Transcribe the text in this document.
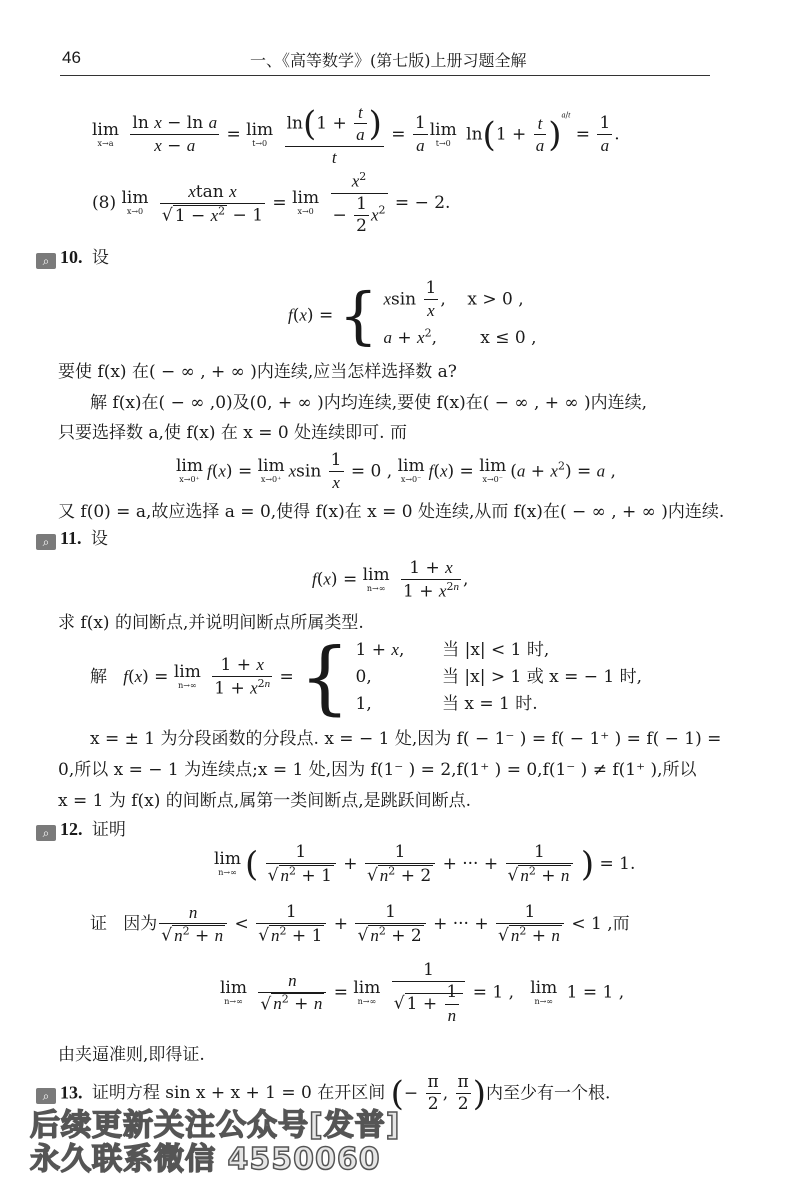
46	一、《高等数学》(第七版)上册习题全解
lim
x→a
$\frac{\text{ln x − ln a}}{x - a} = \lim$
t→0
	$\frac{\ln(1 + \frac{t}{a} )}{t} = \frac{1}{a}$ lim
t→0 $\ln(1 + \frac{t}{a} )^{a/t} = \frac{1}{a}$ .
(8) lim
x→0
$\frac{\text{xtan x}}{√ 1 - x^2 - 1} = \lim$
x→0
$\frac{x^2}{- \frac{1}{2} x^2}$ = − 2.
⌕ 10. 设
f(x) = { xsin $\frac{1}{x}$ ,    x > 0 ,
$a + x^2$,        x ≤ 0 ,
要使 f(x) 在( − ∞ , + ∞ )内连续,应当怎样选择数 a?
解 f(x)在( − ∞ ,0)及(0, + ∞ )内均连续,要使 f(x)在( − ∞ , + ∞ )内连续,
只要选择数 a,使 f(x) 在 x = 0 处连续即可. 而
lim
x→0⁺ f(x) = lim
x→0⁺ xsin $\frac{1}{x} = 0$ , lim
x→0⁻ f(x) = lim
x→0⁻ $(a + x^2) = a$ ,
又 f(0) = a,故应选择 a = 0,使得 f(x)在 x = 0 处连续,从而 f(x)在( − ∞ , + ∞ )内连续.
⌕ 11. 设
f(x) = lim
n→∞
$\frac{1 + x}{1 + x^{2n}}$ ,
求 f(x) 的间断点,并说明间断点所属类型.
解 f(x) = lim
n→∞
$\frac{1 + x}{1 + x^{2n}}$ = { 1 + x,       当 |x| < 1 时,
0,             当 |x| > 1 或 x = − 1 时,
1,             当 x = 1 时.
x = ± 1 为分段函数的分段点. x = − 1 处,因为 f( − 1⁻ ) = f( − 1⁺ ) = f( − 1) =
0,所以 x = − 1 为连续点;x = 1 处,因为 f(1⁻ ) = 2,f(1⁺ ) = 0,f(1⁻ ) ≠ f(1⁺ ),所以
x = 1 为 f(x) 的间断点,属第一类间断点,是跳跃间断点.
⌕ 12. 证明
lim
n→∞ ( $\frac{1}{√ n^2 + 1} + \frac{1}{√ n^2 + 2}$ + ··· + $\frac{1}{√ n^2 + n}$ ) = 1.
证 因为 $\frac{n}{√ n^2 + n} < \frac{1}{√ n^2 + 1} + \frac{1}{√ n^2 + 2}$ + ··· + $\frac{1}{√ n^2 + n} < 1$ ,而
lim
n→∞
$\frac{n}{√ n^2 + n} = \lim$
n→∞
$\frac{1}{√ 1 + \frac{1}{n}} = 1$ ,   lim
n→∞ 1 = 1 ,
由夹逼准则,即得证.
⌕ 13. 证明方程 sin x + x + 1 = 0 在开区间 (− $\frac{\pi}{2}$ , $\frac{\pi}{2}$ )内至少有一个根.
后续更新关注公众号[发普]
永久联系微信 4550060
